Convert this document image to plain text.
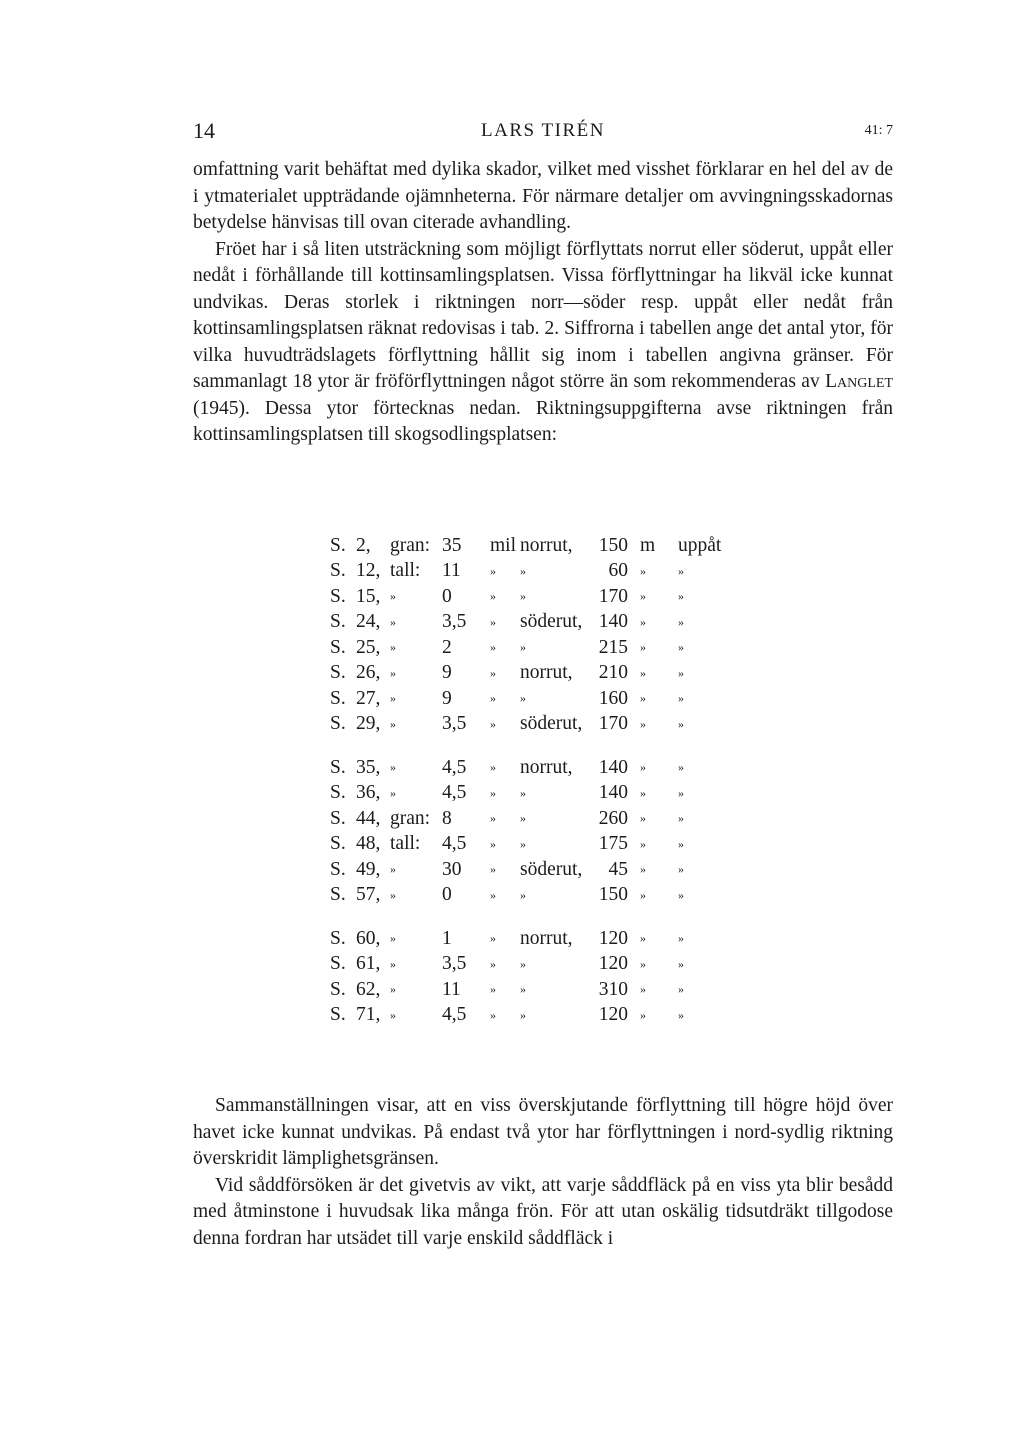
14	LARS TIRÉN	41: 7

omfattning varit behäftat med dylika skador, vilket med visshet förklarar en hel del av de i ytmaterialet uppträdande ojämnheterna. För närmare detaljer om avvingningsskadornas betydelse hänvisas till ovan citerade avhandling.

Fröet har i så liten utsträckning som möjligt förflyttats norrut eller söderut, uppåt eller nedåt i förhållande till kottinsamlingsplatsen. Vissa förflyttningar ha likväl icke kunnat undvikas. Deras storlek i riktningen norr—söder resp. uppåt eller nedåt från kottinsamlingsplatsen räknat redovisas i tab. 2. Siffrorna i tabellen ange det antal ytor, för vilka huvudträdslagets förflyttning hållit sig inom i tabellen angivna gränser. För sammanlagt 18 ytor är fröförflyttningen något större än som rekommenderas av Langlet (1945). Dessa ytor förtecknas nedan. Riktningsuppgifterna avse riktningen från kottinsamlingsplatsen till skogsodlingsplatsen:

S.	2,	gran:	35	mil	norrut,	150	m	uppåt
S.	12,	tall:	11	»	»	60	»	»
S.	15,	»	0	»	»	170	»	»
S.	24,	»	3,5	»	söderut,	140	»	»
S.	25,	»	2	»	»	215	»	»
S.	26,	»	9	»	norrut,	210	»	»
S.	27,	»	9	»	»	160	»	»
S.	29,	»	3,5	»	söderut,	170	»	»
S.	35,	»	4,5	»	norrut,	140	»	»
S.	36,	»	4,5	»	»	140	»	»
S.	44,	gran:	8	»	»	260	»	»
S.	48,	tall:	4,5	»	»	175	»	»
S.	49,	»	30	»	söderut,	45	»	»
S.	57,	»	0	»	»	150	»	»
S.	60,	»	1	»	norrut,	120	»	»
S.	61,	»	3,5	»	»	120	»	»
S.	62,	»	11	»	»	310	»	»
S.	71,	»	4,5	»	»	120	»	»

Sammanställningen visar, att en viss överskjutande förflyttning till högre höjd över havet icke kunnat undvikas. På endast två ytor har förflyttningen i nord-sydlig riktning överskridit lämplighetsgränsen.

Vid såddförsöken är det givetvis av vikt, att varje såddfläck på en viss yta blir besådd med åtminstone i huvudsak lika många frön. För att utan oskälig tidsutdräkt tillgodose denna fordran har utsädet till varje enskild såddfläck i
